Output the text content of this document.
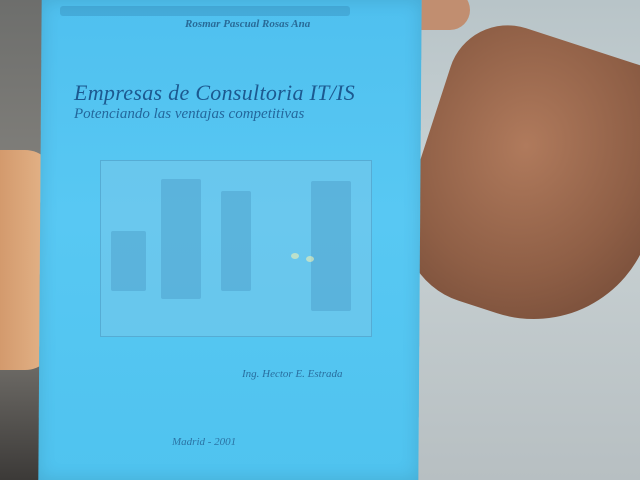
Rosmar Pascual Rosas Ana
Empresas de Consultoria IT/IS
Potenciando las ventajas competitivas
Ing. Hector E. Estrada
Madrid - 2001
